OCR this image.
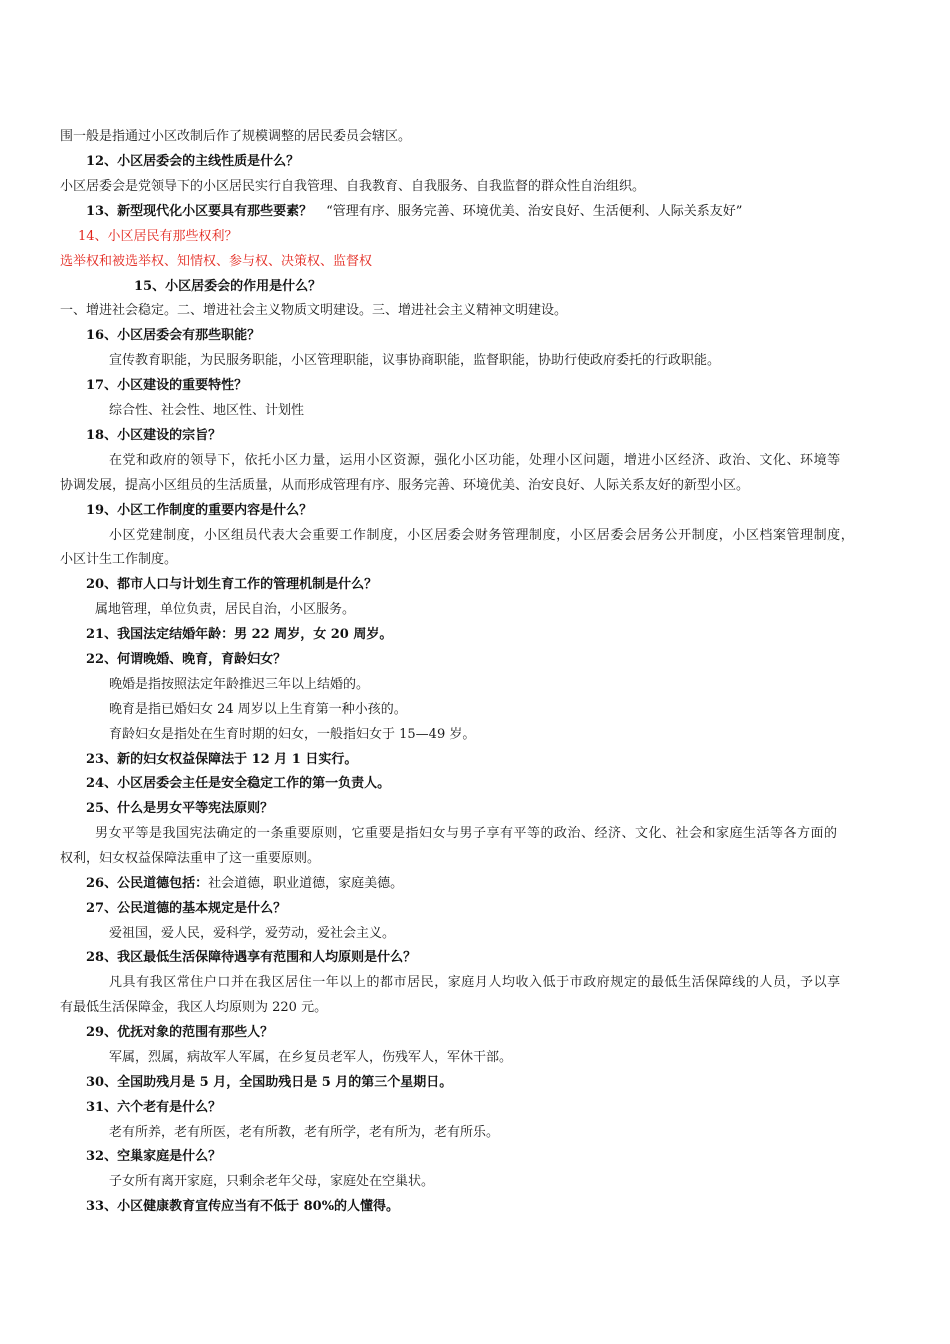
围一般是指通过小区改制后作了规模调整的居民委员会辖区。
12、小区居委会的主线性质是什么？
小区居委会是党领导下的小区居民实行自我管理、自我教育、自我服务、自我监督的群众性自治组织。
13、新型现代化小区要具有那些要素？ “管理有序、服务完善、环境优美、治安良好、生活便利、人际关系友好”
14、小区居民有那些权利？
选举权和被选举权、知情权、参与权、决策权、监督权
15、小区居委会的作用是什么？
一、增进社会稳定。二、增进社会主义物质文明建设。三、增进社会主义精神文明建设。
16、小区居委会有那些职能？
宣传教育职能，为民服务职能，小区管理职能，议事协商职能，监督职能，协助行使政府委托的行政职能。
17、小区建设的重要特性？
综合性、社会性、地区性、计划性
18、小区建设的宗旨？
在党和政府的领导下，依托小区力量，运用小区资源，强化小区功能，处理小区问题，增进小区经济、政治、文化、环境等
协调发展，提高小区组员的生活质量，从而形成管理有序、服务完善、环境优美、治安良好、人际关系友好的新型小区。
19、小区工作制度的重要内容是什么？
小区党建制度，小区组员代表大会重要工作制度，小区居委会财务管理制度，小区居委会居务公开制度，小区档案管理制度，
小区计生工作制度。
20、都市人口与计划生育工作的管理机制是什么？
属地管理，单位负责，居民自治，小区服务。
21、我国法定结婚年龄：男 22 周岁，女 20 周岁。
22、何谓晚婚、晚育，育龄妇女？
晚婚是指按照法定年龄推迟三年以上结婚的。
晚育是指已婚妇女 24 周岁以上生育第一种小孩的。
育龄妇女是指处在生育时期的妇女，一般指妇女于 15—49 岁。
23、新的妇女权益保障法于 12 月 1 日实行。
24、小区居委会主任是安全稳定工作的第一负责人。
25、什么是男女平等宪法原则？
男女平等是我国宪法确定的一条重要原则，它重要是指妇女与男子享有平等的政治、经济、文化、社会和家庭生活等各方面的
权利，妇女权益保障法重申了这一重要原则。
26、公民道德包括：社会道德，职业道德，家庭美德。
27、公民道德的基本规定是什么？
爱祖国，爱人民，爱科学，爱劳动，爱社会主义。
28、我区最低生活保障待遇享有范围和人均原则是什么？
凡具有我区常住户口并在我区居住一年以上的都市居民，家庭月人均收入低于市政府规定的最低生活保障线的人员，予以享
有最低生活保障金，我区人均原则为 220 元。
29、优抚对象的范围有那些人？
军属，烈属，病故军人军属，在乡复员老军人，伤残军人，军休干部。
30、全国助残月是 5 月，全国助残日是 5 月的第三个星期日。
31、六个老有是什么？
老有所养，老有所医，老有所教，老有所学，老有所为，老有所乐。
32、空巢家庭是什么？
子女所有离开家庭，只剩余老年父母，家庭处在空巢状。
33、小区健康教育宣传应当有不低于 80%的人懂得。
